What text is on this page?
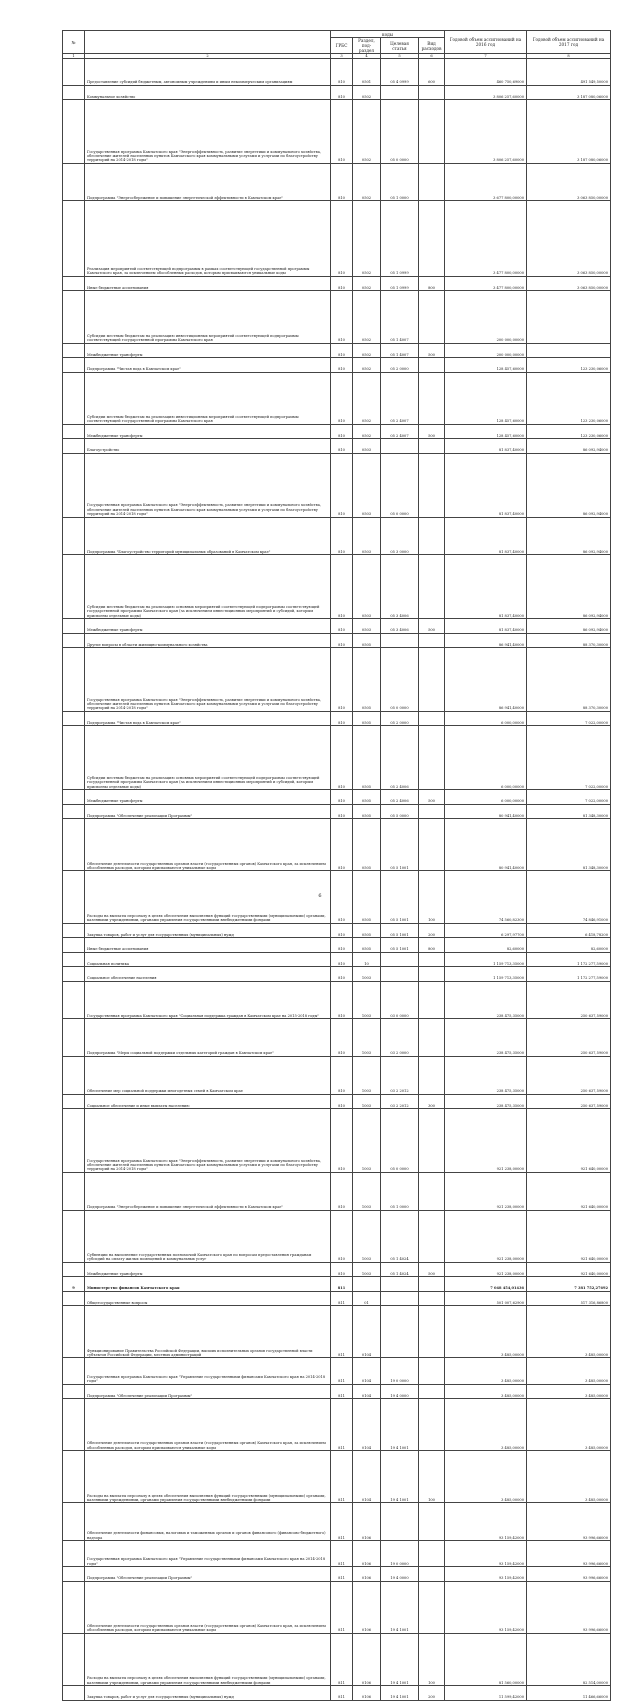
№		коды				Годовой объем ассигнований на 2016 год	Годовой объем ассигнований на 2017 год
		ГРБС	Раздел, под-раздел	Целевая статья	Вид расходов		
1	2	3	4	5	6	7	8
	Предоставление субсидий бюджетным, автономным учреждениям и иным некоммерческим организациям	810	0501	05 4 0999	600	460 750,69000	491 549,50000
	Коммунальное хозяйство	810	0502			3 806 257,60000	3 187 080,06000
	Государственная программа Камчатского края "Энергоэффективность, развитие энергетики и коммунального хозяйства, обеспечение жителей населенных пунктов Камчатского края коммунальными услугами и услугами по благоустройству территорий на 2014-2018 годы"	810	0502	05 0 0000		3 806 257,60000	3 187 080,06000
	Подпрограмма "Энергосбережение и повышение энергетической эффективности в Камчатском крае"	810	0502	05 1 0000		3 677 800,00000	3 063 850,00000
	Реализация мероприятий соответствующей подпрограммы в рамках соответствующей государственной программы Камчатского края, за исключением обособленных расходов, которым присваиваются уникальные коды	810	0502	05 1 0999		3 477 800,00000	3 063 850,00000
	Иные бюджетные ассигнования	810	0502	05 1 0999	800	3 477 800,00000	3 063 850,00000
	Субсидии местным бюджетам на реализацию инвестиционных мероприятий соответствующей подпрограммы соответствующей государственной программы Камчатского края	810	0502	05 1 4007		200 000,00000	
	Межбюджетные трансферты	810	0502	05 1 4007	500	200 000,00000	
	Подпрограмма "Чистая вода в Камчатском крае"	810	0502	05 2 0000		128 457,60000	123 230,06000
	Субсидии местным бюджетам на реализацию инвестиционных мероприятий соответствующей подпрограммы соответствующей государственной программы Камчатского края	810	0502	05 2 4007		128 457,60000	123 230,06000
	Межбюджетные трансферты	810	0502	05 2 4007	500	128 457,60000	123 230,06000
	Благоустройство	810	0503			81 837,40000	86 092,94000
	Государственная программа Камчатского края "Энергоэффективность, развитие энергетики и коммунального хозяйства, обеспечение жителей населенных пунктов Камчатского края коммунальными услугами и услугами по благоустройству территорий на 2014-2018 годы"	810	0503	05 0 0000		81 837,40000	86 092,94000
	Подпрограмма "Благоустройство территорий муниципальных образований в Камчатском крае"	810	0503	05 3 0000		81 837,40000	86 092,94000
	Субсидии местным бюджетам на реализацию основных мероприятий соответствующей подпрограммы соответствующей государственной программы Камчатского края (за исключением инвестиционных мероприятий и субсидий, которым присвоены отдельные коды)	810	0503	05 3 4006		81 837,40000	86 092,94000
	Межбюджетные трансферты	810	0503	05 3 4006	500	81 837,40000	86 092,94000
	Другие вопросы в области жилищно-коммунального хозяйства	810	0505			86 941,40000	88 370,30000
	Государственная программа Камчатского края "Энергоэффективность, развитие энергетики и коммунального хозяйства, обеспечение жителей населенных пунктов Камчатского края коммунальными услугами и услугами по благоустройству территорий на 2014-2018 годы"	810	0505	05 0 0000		86 941,40000	88 370,30000
	Подпрограмма "Чистая вода в Камчатском крае"	810	0505	05 2 0000		6 000,00000	7 022,00000
	Субсидии местным бюджетам на реализацию основных мероприятий соответствующей подпрограммы соответствующей государственной программы Камчатского края (за исключением инвестиционных мероприятий и субсидий, которым присвоены отдельные коды)	810	0505	05 2 4006		6 000,00000	7 022,00000
	Межбюджетные трансферты	810	0505	05 2 4006	500	6 000,00000	7 022,00000
	Подпрограмма "Обеспечение реализации Программы"	810	0505	05 5 0000		80 941,40000	81 348,30000
	Обеспечение деятельности государственных органов власти (государственных органов) Камчатского края, за исключением обособленных расходов, которым присваиваются уникальные коды	810	0505	05 5 1001		80 941,40000	81 348,30000
	Расходы на выплаты персоналу в целях обеспечения выполнения функций государственными (муниципальными) органами, казенными учреждениями, органами управления государственными внебюджетными фондами	810	0505	05 5 1001	100	74 560,82300	74 846,91000
	Закупка товаров, работ и услуг для государственных (муниципальных) нужд	810	0505	05 5 1001	200	6 297,97700	6 418,78200
	Иные бюджетные ассигнования	810	0505	05 5 1001	800	82,60000	82,60000
	Социальная политика	810	10			1 159 713,35000	1 172 277,59000
	Социальное обеспечение населения	810	1003			1 159 713,35000	1 172 277,59000
	Государственная программа Камчатского края "Социальная поддержка граждан в Камчатском крае на 2015-2018 годы"	810	1003	03 0 0000		238 475,35000	250 637,59000
	Подпрограмма "Меры социальной поддержки отдельных категорий граждан в Камчатском крае"	810	1003	03 2 0000		238 475,35000	250 637,59000
	Обеспечение мер социальной поддержки многодетных семей в Камчатском крае	810	1003	03 2 2012		238 475,35000	250 637,59000
	Социальное обеспечение и иные выплаты населению	810	1003	03 2 2012	300	238 475,35000	250 637,59000
	Государственная программа Камчатского края "Энергоэффективность, развитие энергетики и коммунального хозяйства, обеспечение жителей населенных пунктов Камчатского края коммунальными услугами и услугами по благоустройству территорий на 2014-2018 годы"	810	1003	05 0 0000		921 238,00000	921 640,00000
	Подпрограмма "Энергосбережение и повышение энергетической эффективности в Камчатском крае"	810	1003	05 1 0000		921 238,00000	921 640,00000
	Субвенции на выполнение государственных полномочий Камчатского края по вопросам предоставления гражданам субсидий на оплату жилых помещений и коммунальных услуг	810	1003	05 1 4024		921 238,00000	921 640,00000
	Межбюджетные трансферты	810	1003	05 1 4024	500	921 238,00000	921 640,00000
9	Министерство финансов Камчатского края	811				7 048 454,01436	7 381 752,27692
	Общегосударственные вопросы	811	01			501 007,62900	517 316,86800
	Функционирование Правительства Российской Федерации, высших исполнительных органов государственной власти субъектов Российской Федерации, местных администраций	811	0104			3 485,00000	3 485,00000
	Государственная программа Камчатского края "Управление государственными финансами Камчатского края на 2014-2018 годы"	811	0104	19 0 0000		3 485,00000	3 485,00000
	Подпрограмма "Обеспечение реализации Программы"	811	0104	19 4 0000		3 485,00000	3 485,00000
	Обеспечение деятельности государственных органов власти (государственных органов) Камчатского края, за исключением обособленных расходов, которым присваиваются уникальные коды	811	0104	19 4 1001		3 485,00000	3 485,00000
	Расходы на выплаты персоналу в целях обеспечения выполнения функций государственными (муниципальными) органами, казенными учреждениями, органами управления государственными внебюджетными фондами	811	0104	19 4 1001	100	3 485,00000	3 485,00000
	Обеспечение деятельности финансовых, налоговых и таможенных органов и органов финансового (финансово-бюджетного) надзора	811	0106			93 159,42000	93 996,66000
	Государственная программа Камчатского края "Управление государственными финансами Камчатского края на 2014-2018 годы"	811	0106	19 0 0000		93 159,42000	93 996,66000
	Подпрограмма "Обеспечение реализации Программы"	811	0106	19 4 0000		93 159,42000	93 996,66000
	Обеспечение деятельности государственных органов власти (государственных органов) Камчатского края, за исключением обособленных расходов, которым присваиваются уникальные коды	811	0106	19 4 1001		93 159,42000	93 996,66000
	Расходы на выплаты персоналу в целях обеспечения выполнения функций государственными (муниципальными) органами, казенными учреждениями, органами управления государственными внебюджетными фондами	811	0106	19 4 1001	100	81 560,00000	82 514,00000
	Закупка товаров, работ и услуг для государственных (муниципальных) нужд	811	0106	19 4 1001	200	11 599,42000	11 466,66000
6
